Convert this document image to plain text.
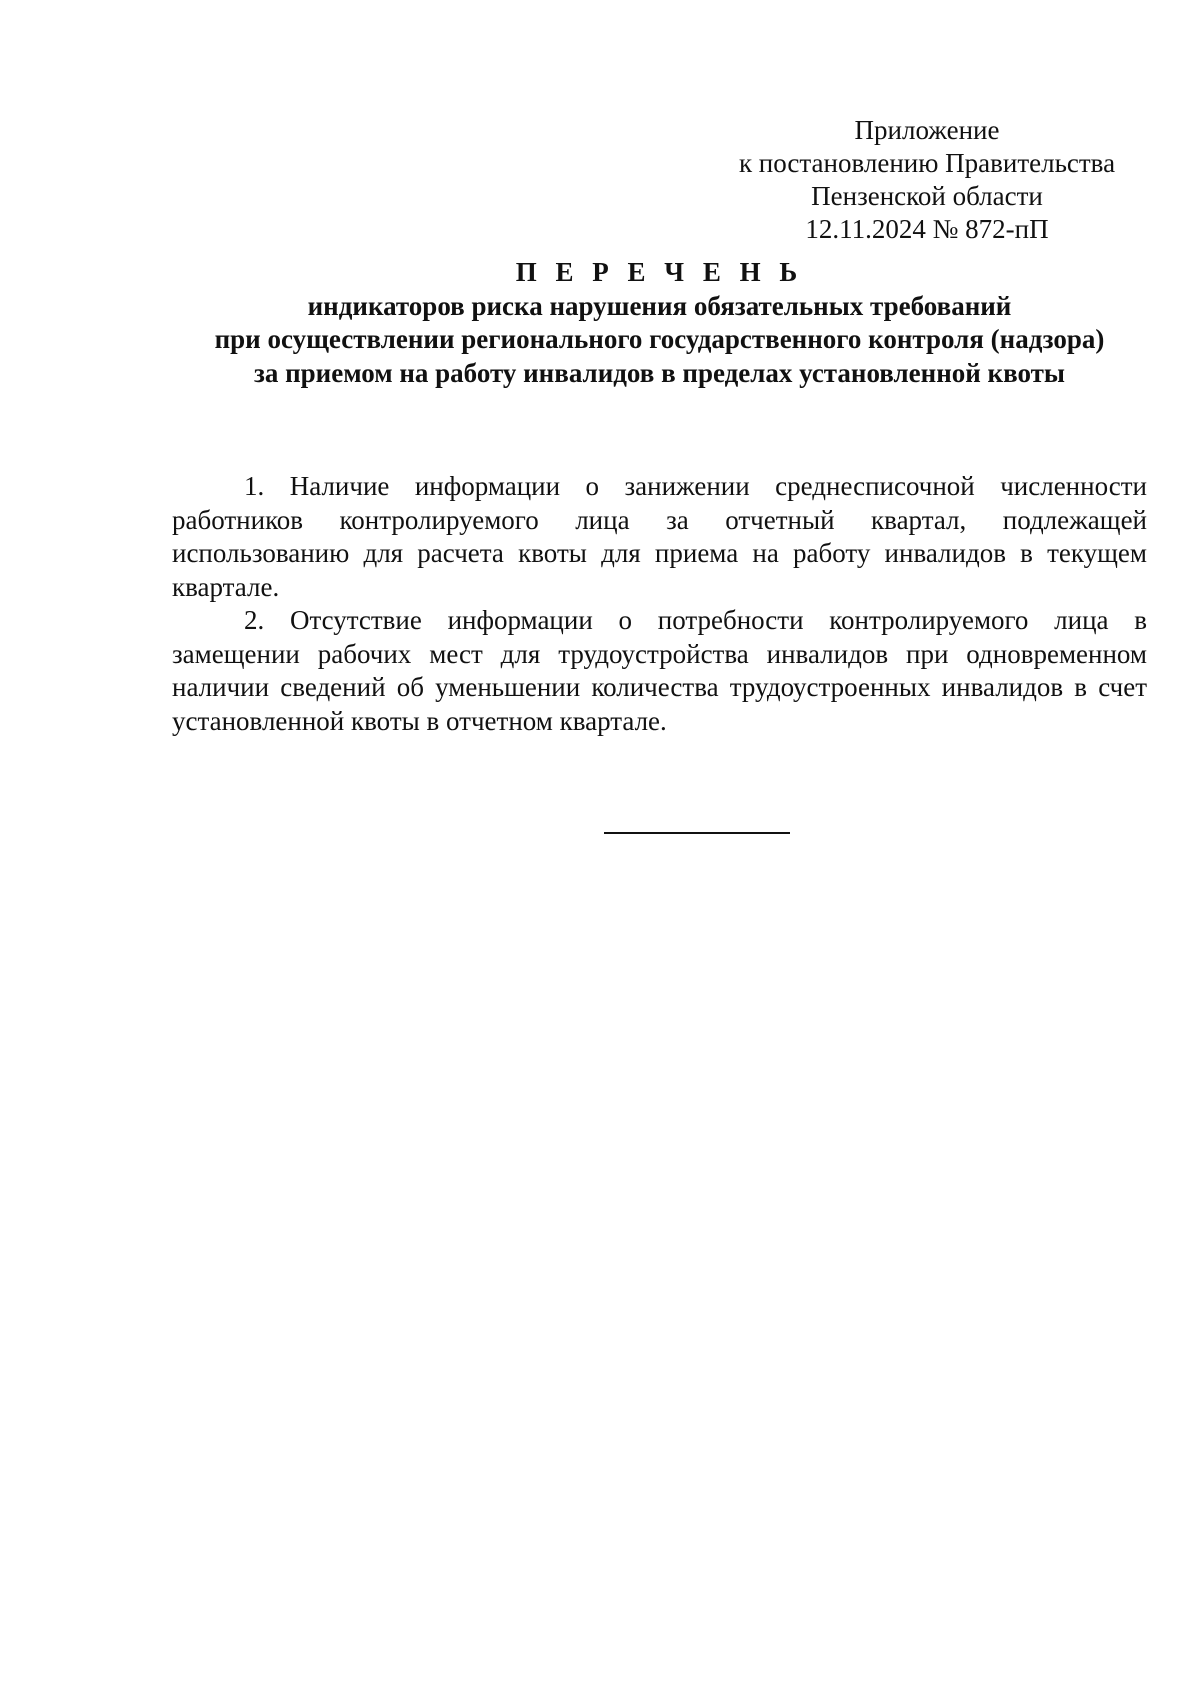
Приложение
к постановлению Правительства
Пензенской области
12.11.2024 № 872-пП
П Е Р Е Ч Е Н Ь
индикаторов риска нарушения обязательных требований
при осуществлении регионального государственного контроля (надзора)
за приемом на работу инвалидов в пределах установленной квоты

1. Наличие информации о занижении среднесписочной численности работников контролируемого лица за отчетный квартал, подлежащей использованию для расчета квоты для приема на работу инвалидов в текущем квартале.

2. Отсутствие информации о потребности контролируемого лица в замещении рабочих мест для трудоустройства инвалидов при одновременном наличии сведений об уменьшении количества трудоустроенных инвалидов в счет установленной квоты в отчетном квартале.
